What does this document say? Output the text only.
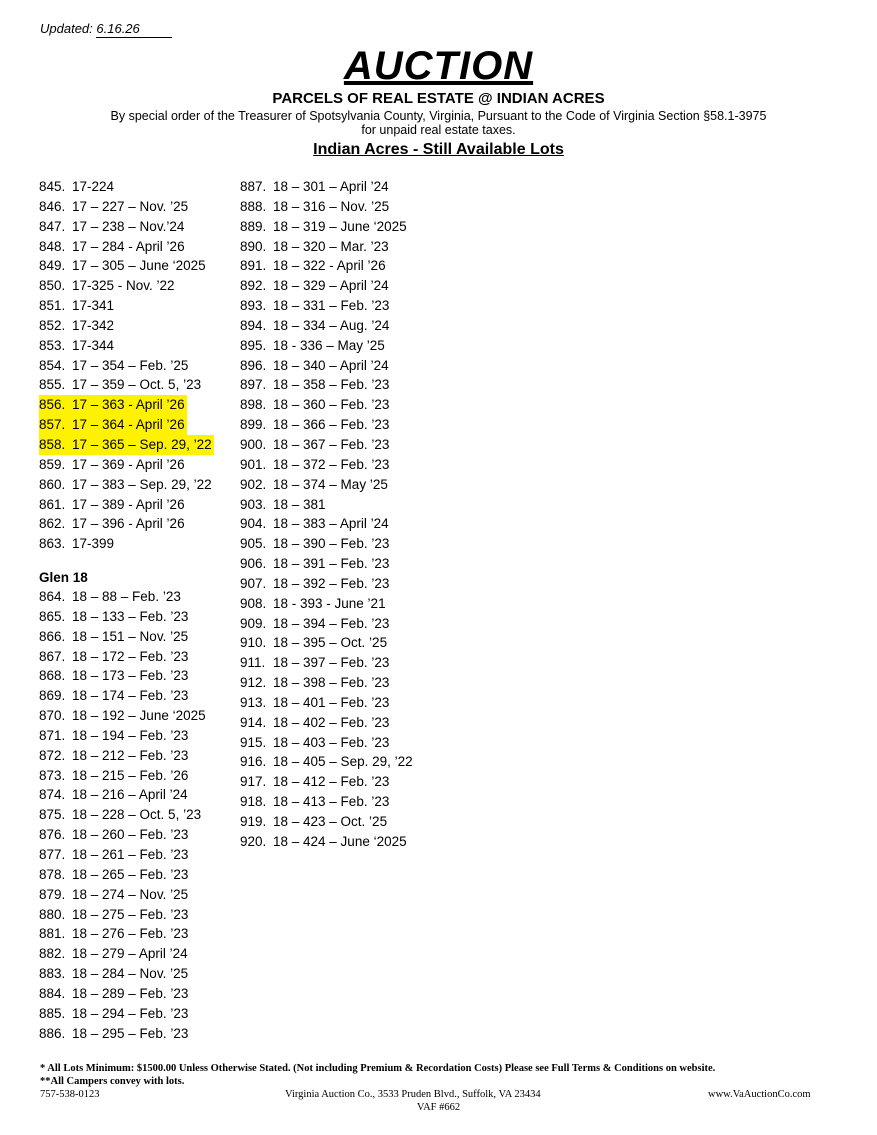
Updated: 6.16.26
AUCTION
PARCELS OF REAL ESTATE @ INDIAN ACRES
By special order of the Treasurer of Spotsylvania County, Virginia, Pursuant to the Code of Virginia Section §58.1-3975
for unpaid real estate taxes.
Indian Acres - Still Available Lots
845. 17-224
846. 17 – 227 – Nov. ’25
847. 17 – 238 – Nov.’24
848. 17 – 284 - April ’26
849. 17 – 305 – June ‘2025
850. 17-325 - Nov. ’22
851. 17-341
852. 17-342
853. 17-344
854. 17 – 354 – Feb. ’25
855. 17 – 359 – Oct. 5, ’23
856. 17 – 363 - April ’26
857. 17 – 364 - April ’26
858. 17 – 365 – Sep. 29, ’22
859. 17 – 369 - April ’26
860. 17 – 383 – Sep. 29, ’22
861. 17 – 389 - April ’26
862. 17 – 396 - April ’26
863. 17-399
Glen 18
864. 18 – 88 – Feb. ’23
865. 18 – 133 – Feb. ’23
866. 18 – 151 – Nov. ’25
867. 18 – 172 – Feb. ’23
868. 18 – 173 – Feb. ’23
869. 18 – 174 – Feb. ’23
870. 18 – 192 – June ‘2025
871. 18 – 194 – Feb. ’23
872. 18 – 212 – Feb. ’23
873. 18 – 215 – Feb. ’26
874. 18 – 216 – April ’24
875. 18 – 228 – Oct. 5, ’23
876. 18 – 260 – Feb. ’23
877. 18 – 261 – Feb. ’23
878. 18 – 265 – Feb. ’23
879. 18 – 274 – Nov. ’25
880. 18 – 275 – Feb. ’23
881. 18 – 276 – Feb. ’23
882. 18 – 279 – April ’24
883. 18 – 284 – Nov. ’25
884. 18 – 289 – Feb. ’23
885. 18 – 294 – Feb. ’23
886. 18 – 295 – Feb. ’23
887. 18 – 301 – April ’24
888. 18 – 316 – Nov. ’25
889. 18 – 319 – June ‘2025
890. 18 – 320 – Mar. ’23
891. 18 – 322 - April ’26
892. 18 – 329 – April ’24
893. 18 – 331 – Feb. ’23
894. 18 – 334 – Aug. ’24
895. 18 - 336 – May ’25
896. 18 – 340 – April ’24
897. 18 – 358 – Feb. ’23
898. 18 – 360 – Feb. ’23
899. 18 – 366 – Feb. ’23
900. 18 – 367 – Feb. ’23
901. 18 – 372 – Feb. ’23
902. 18 – 374 – May ’25
903. 18 – 381
904. 18 – 383 – April ’24
905. 18 – 390 – Feb. ’23
906. 18 – 391 – Feb. ’23
907. 18 – 392 – Feb. ’23
908. 18 - 393 - June ’21
909. 18 – 394 – Feb. ’23
910. 18 – 395 – Oct. ’25
911. 18 – 397 – Feb. ’23
912. 18 – 398 – Feb. ’23
913. 18 – 401 – Feb. ’23
914. 18 – 402 – Feb. ’23
915. 18 – 403 – Feb. ’23
916. 18 – 405 – Sep. 29, ’22
917. 18 – 412 – Feb. ’23
918. 18 – 413 – Feb. ’23
919. 18 – 423 – Oct. ’25
920. 18 – 424 – June ‘2025
* All Lots Minimum: $1500.00 Unless Otherwise Stated. (Not including Premium & Recordation Costs) Please see Full Terms & Conditions on website.
**All Campers convey with lots.
757-538-0123	Virginia Auction Co., 3533 Pruden Blvd., Suffolk, VA 23434	www.VaAuctionCo.com
VAF #662
